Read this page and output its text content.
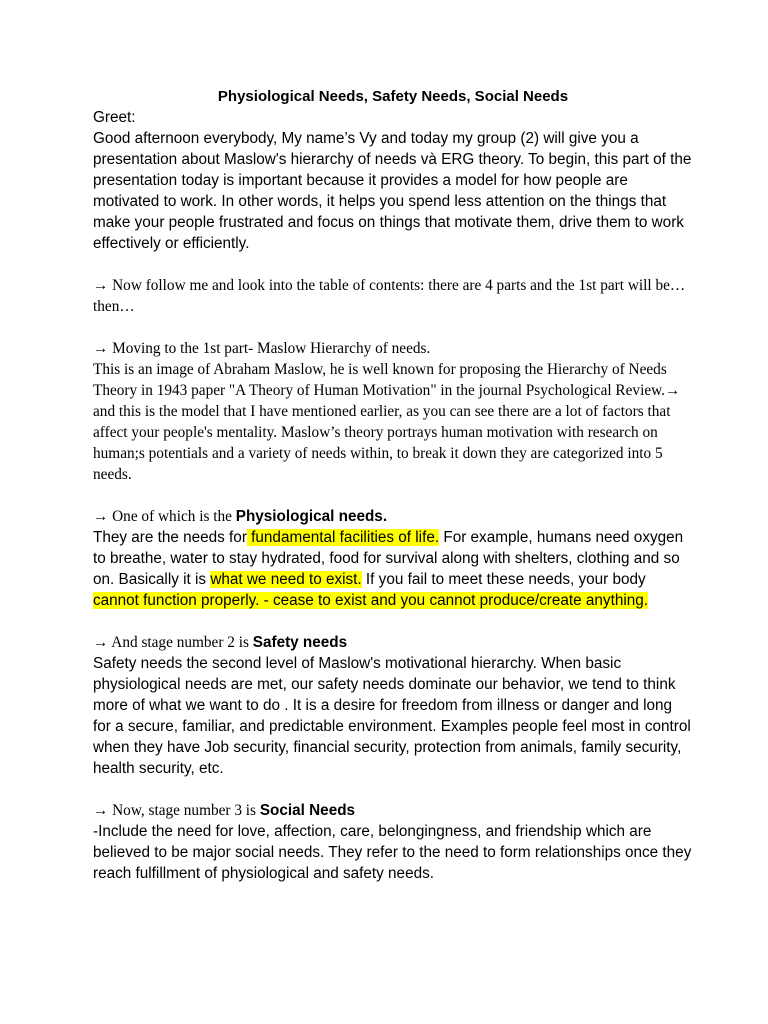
Physiological Needs, Safety Needs, Social Needs

Greet:

Good afternoon everybody, My name’s Vy and today my group (2) will give you a presentation about Maslow's hierarchy of needs và ERG theory. To begin, this part of the presentation today is important because it provides a model for how people are motivated to work. In other words, it helps you spend less attention on the things that make your people frustrated and focus on things that motivate them, drive them to work effectively or efficiently.

→ Now follow me and look into the table of contents: there are 4 parts and the 1st part will be…then…

→ Moving to the 1st part- Maslow Hierarchy of needs.

This is an image of Abraham Maslow, he is well known for proposing the Hierarchy of Needs Theory in 1943 paper "A Theory of Human Motivation" in the journal Psychological Review.→ and this is the model that I have mentioned earlier, as you can see there are a lot of factors that affect your people's mentality. Maslow’s theory portrays human motivation with research on human;s potentials and a variety of needs within, to break it down they are categorized into 5 needs.

→ One of which is the Physiological needs.

They are the needs for fundamental facilities of life. For example, humans need oxygen to breathe, water to stay hydrated, food for survival along with shelters, clothing and so on. Basically it is what we need to exist. If you fail to meet these needs, your body cannot function properly. - cease to exist and you cannot produce/create anything.

→ And stage number 2 is Safety needs

Safety needs the second level of Maslow's motivational hierarchy. When basic physiological needs are met, our safety needs dominate our behavior, we tend to think more of what we want to do . It is a desire for freedom from illness or danger and long for a secure, familiar, and predictable environment. Examples people feel most in control when they have Job security, financial security, protection from animals, family security, health security, etc.

→ Now, stage number 3 is Social Needs

-Include the need for love, affection, care, belongingness, and friendship which are believed to be major social needs. They refer to the need to form relationships once they reach fulfillment of physiological and safety needs.
